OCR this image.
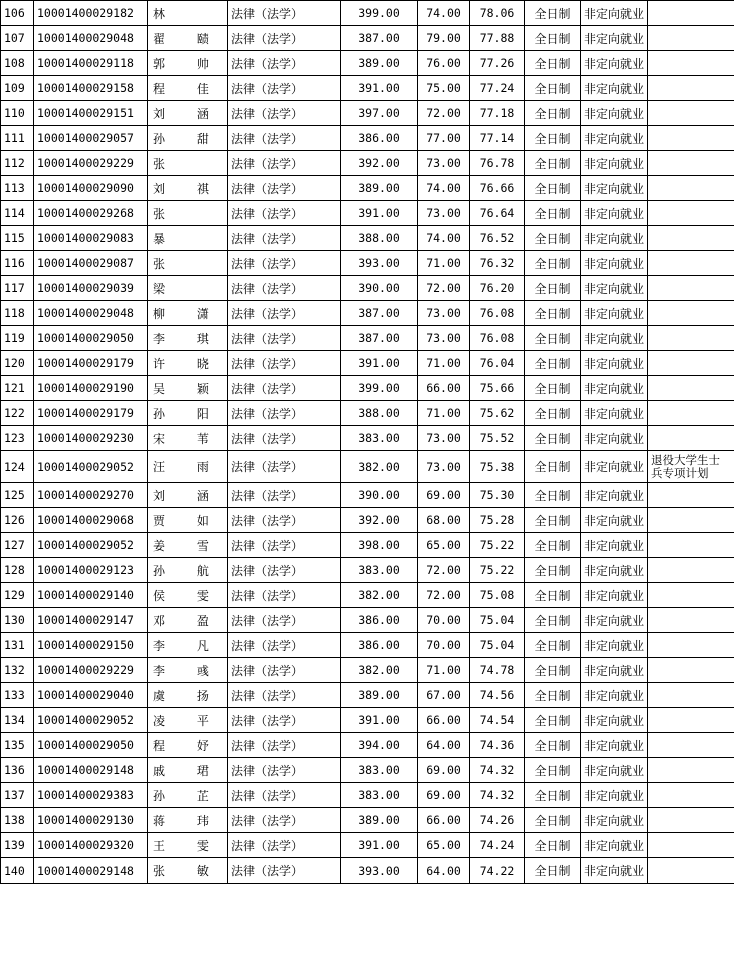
106	10001400029182	林	法律（法学）	399.00	74.00	78.06	全日制	非定向就业	
107	10001400029048	翟 赜	法律（法学）	387.00	79.00	77.88	全日制	非定向就业	
108	10001400029118	郭 帅	法律（法学）	389.00	76.00	77.26	全日制	非定向就业	
109	10001400029158	程 佳	法律（法学）	391.00	75.00	77.24	全日制	非定向就业	
110	10001400029151	刘 涵	法律（法学）	397.00	72.00	77.18	全日制	非定向就业	
111	10001400029057	孙 甜	法律（法学）	386.00	77.00	77.14	全日制	非定向就业	
112	10001400029229	张	法律（法学）	392.00	73.00	76.78	全日制	非定向就业	
113	10001400029090	刘 祺	法律（法学）	389.00	74.00	76.66	全日制	非定向就业	
114	10001400029268	张	法律（法学）	391.00	73.00	76.64	全日制	非定向就业	
115	10001400029083	暴	法律（法学）	388.00	74.00	76.52	全日制	非定向就业	
116	10001400029087	张	法律（法学）	393.00	71.00	76.32	全日制	非定向就业	
117	10001400029039	梁	法律（法学）	390.00	72.00	76.20	全日制	非定向就业	
118	10001400029048	柳 潇	法律（法学）	387.00	73.00	76.08	全日制	非定向就业	
119	10001400029050	李 琪	法律（法学）	387.00	73.00	76.08	全日制	非定向就业	
120	10001400029179	许 晓	法律（法学）	391.00	71.00	76.04	全日制	非定向就业	
121	10001400029190	吴 颖	法律（法学）	399.00	66.00	75.66	全日制	非定向就业	
122	10001400029179	孙 阳	法律（法学）	388.00	71.00	75.62	全日制	非定向就业	
123	10001400029230	宋 苇	法律（法学）	383.00	73.00	75.52	全日制	非定向就业	
124	10001400029052	汪 雨	法律（法学）	382.00	73.00	75.38	全日制	非定向就业	退役大学生士兵专项计划
125	10001400029270	刘 涵	法律（法学）	390.00	69.00	75.30	全日制	非定向就业	
126	10001400029068	贾 如	法律（法学）	392.00	68.00	75.28	全日制	非定向就业	
127	10001400029052	姜 雪	法律（法学）	398.00	65.00	75.22	全日制	非定向就业	
128	10001400029123	孙 航	法律（法学）	383.00	72.00	75.22	全日制	非定向就业	
129	10001400029140	侯 雯	法律（法学）	382.00	72.00	75.08	全日制	非定向就业	
130	10001400029147	邓 盈	法律（法学）	386.00	70.00	75.04	全日制	非定向就业	
131	10001400029150	李 凡	法律（法学）	386.00	70.00	75.04	全日制	非定向就业	
132	10001400029229	李 彧	法律（法学）	382.00	71.00	74.78	全日制	非定向就业	
133	10001400029040	虞 扬	法律（法学）	389.00	67.00	74.56	全日制	非定向就业	
134	10001400029052	凌 平	法律（法学）	391.00	66.00	74.54	全日制	非定向就业	
135	10001400029050	程 妤	法律（法学）	394.00	64.00	74.36	全日制	非定向就业	
136	10001400029148	戚 珺	法律（法学）	383.00	69.00	74.32	全日制	非定向就业	
137	10001400029383	孙 芷	法律（法学）	383.00	69.00	74.32	全日制	非定向就业	
138	10001400029130	蒋 玮	法律（法学）	389.00	66.00	74.26	全日制	非定向就业	
139	10001400029320	王 雯	法律（法学）	391.00	65.00	74.24	全日制	非定向就业	
140	10001400029148	张 敏	法律（法学）	393.00	64.00	74.22	全日制	非定向就业	
